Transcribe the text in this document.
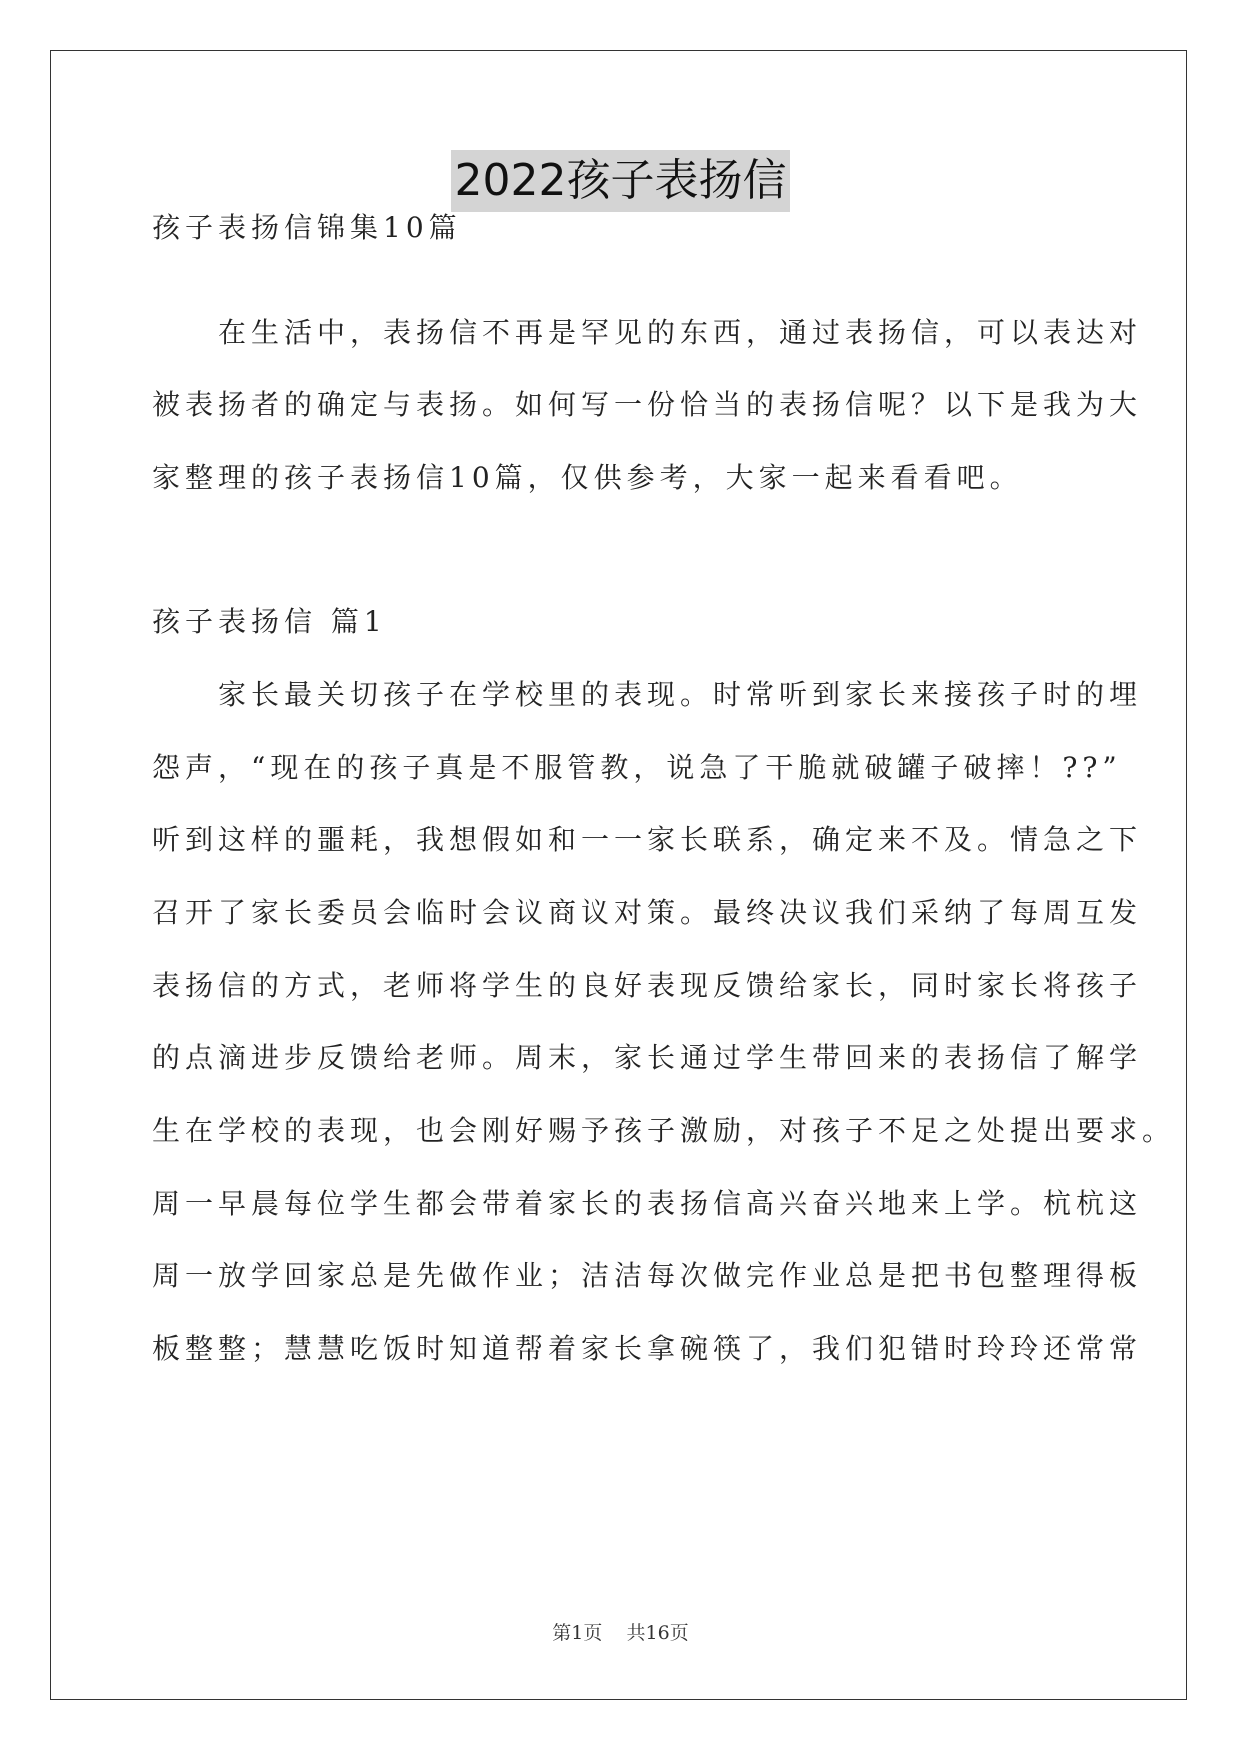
2022孩子表扬信
孩子表扬信锦集10篇
　　在生活中，表扬信不再是罕见的东西，通过表扬信，可以表达对
被表扬者的确定与表扬。如何写一份恰当的表扬信呢？以下是我为大
家整理的孩子表扬信10篇，仅供参考，大家一起来看看吧。
孩子表扬信 篇1
　　家长最关切孩子在学校里的表现。时常听到家长来接孩子时的埋
怨声，“现在的孩子真是不服管教，说急了干脆就破罐子破摔！??”
听到这样的噩耗，我想假如和一一家长联系，确定来不及。情急之下
召开了家长委员会临时会议商议对策。最终决议我们采纳了每周互发
表扬信的方式，老师将学生的良好表现反馈给家长，同时家长将孩子
的点滴进步反馈给老师。周末，家长通过学生带回来的表扬信了解学
生在学校的表现，也会刚好赐予孩子激励，对孩子不足之处提出要求。
周一早晨每位学生都会带着家长的表扬信高兴奋兴地来上学。杭杭这
周一放学回家总是先做作业；洁洁每次做完作业总是把书包整理得板
板整整；慧慧吃饭时知道帮着家长拿碗筷了，我们犯错时玲玲还常常
第1页 共16页
